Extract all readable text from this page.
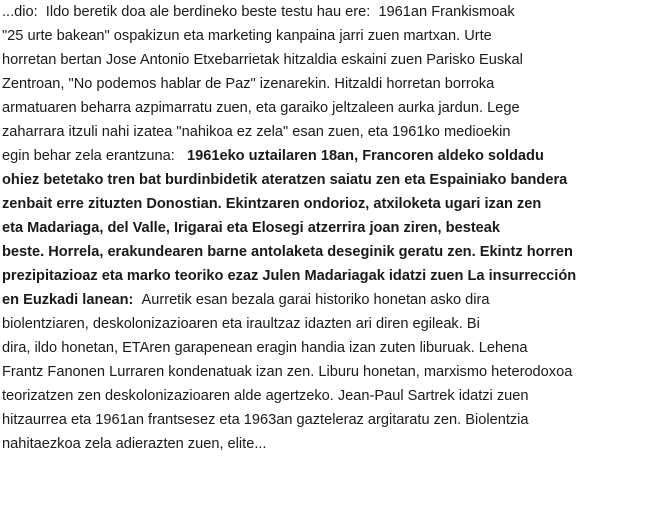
...dio:  Ildo beretik doa ale berdineko beste testu hau ere:  1961an Frankismoak
"25 urte bakean" ospakizun eta marketing kanpaina jarri zuen martxan. Urte
horretan bertan Jose Antonio Etxebarrietak hitzaldia eskaini zuen Parisko Euskal
Zentroan, "No podemos hablar de Paz" izenarekin. Hitzaldi horretan borroka
armatuaren beharra azpimarratu zuen, eta garaiko jeltzaleen aurka jardun. Lege
zaharrara itzuli nahi izatea "nahikoa ez zela" esan zuen, eta 1961ko medioekin
egin behar zela erantzuna:   1961eko uztailaren 18an, Francoren aldeko soldadu
ohiez betetako tren bat burdinbidetik ateratzen saiatu zen eta Espainiako bandera
zenbait erre zituzten Donostian. Ekintzaren ondorioz, atxiloketa ugari izan zen
eta Madariaga, del Valle, Irigarai eta Elosegi atzerrira joan ziren, besteak
beste. Horrela, erakundearen barne antolaketa deseginik geratu zen. Ekintz horren
prezipitazioaz eta marko teoriko ezaz Julen Madariagak idatzi zuen La insurrección
en Euzkadi lanean:  Aurretik esan bezala garai historiko honetan asko dira
biolentziaren, deskolonizazioaren eta iraultzaz idazten ari diren egileak. Bi
dira, ildo honetan, ETAren garapenean eragin handia izan zuten liburuak. Lehena
Frantz Fanonen Lurraren kondenatuak izan zen. Liburu honetan, marxismo heterodoxoa
teorizatzen zen deskolonizazioaren alde agertzeko. Jean-Paul Sartrek idatzi zuen
hitzaurrea eta 1961an frantsesez eta 1963an gazteleraz argitaratu zen. Biolentzia
nahitaezkoa zela adierazten zuen, elite...
